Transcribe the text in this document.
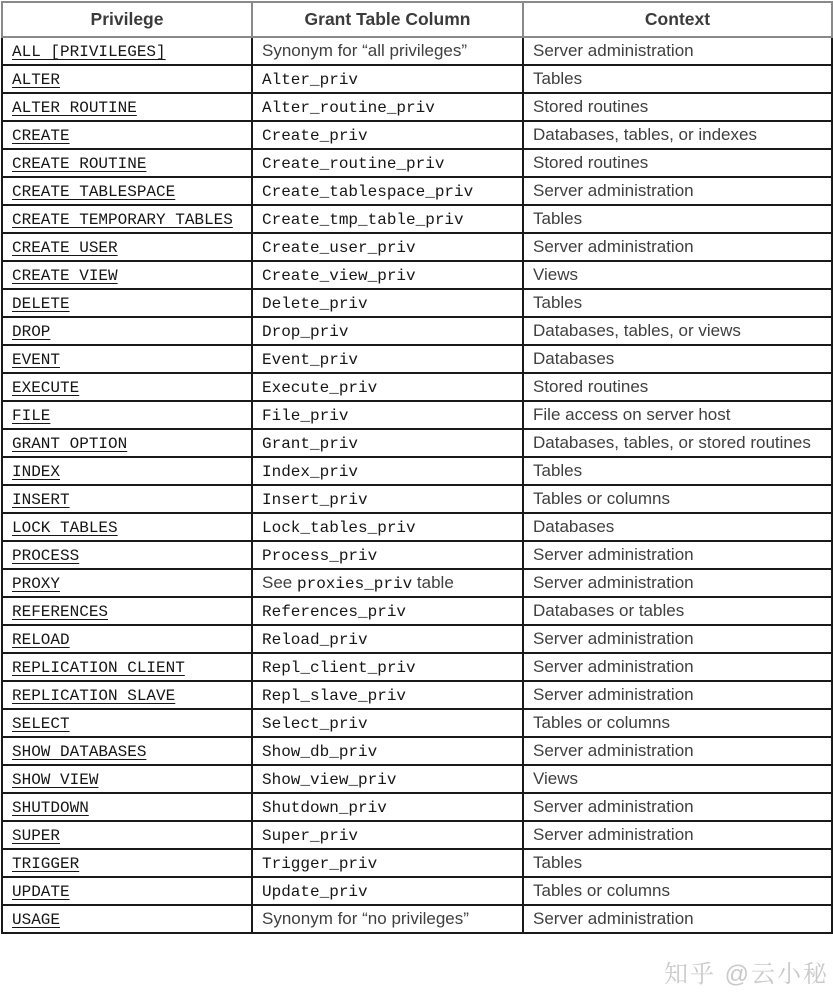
Privilege	Grant Table Column	Context
ALL [PRIVILEGES]	Synonym for “all privileges”	Server administration
ALTER	Alter_priv	Tables
ALTER ROUTINE	Alter_routine_priv	Stored routines
CREATE	Create_priv	Databases, tables, or indexes
CREATE ROUTINE	Create_routine_priv	Stored routines
CREATE TABLESPACE	Create_tablespace_priv	Server administration
CREATE TEMPORARY TABLES	Create_tmp_table_priv	Tables
CREATE USER	Create_user_priv	Server administration
CREATE VIEW	Create_view_priv	Views
DELETE	Delete_priv	Tables
DROP	Drop_priv	Databases, tables, or views
EVENT	Event_priv	Databases
EXECUTE	Execute_priv	Stored routines
FILE	File_priv	File access on server host
GRANT OPTION	Grant_priv	Databases, tables, or stored routines
INDEX	Index_priv	Tables
INSERT	Insert_priv	Tables or columns
LOCK TABLES	Lock_tables_priv	Databases
PROCESS	Process_priv	Server administration
PROXY	See proxies_priv table	Server administration
REFERENCES	References_priv	Databases or tables
RELOAD	Reload_priv	Server administration
REPLICATION CLIENT	Repl_client_priv	Server administration
REPLICATION SLAVE	Repl_slave_priv	Server administration
SELECT	Select_priv	Tables or columns
SHOW DATABASES	Show_db_priv	Server administration
SHOW VIEW	Show_view_priv	Views
SHUTDOWN	Shutdown_priv	Server administration
SUPER	Super_priv	Server administration
TRIGGER	Trigger_priv	Tables
UPDATE	Update_priv	Tables or columns
USAGE	Synonym for “no privileges”	Server administration
知乎 @云小秘
